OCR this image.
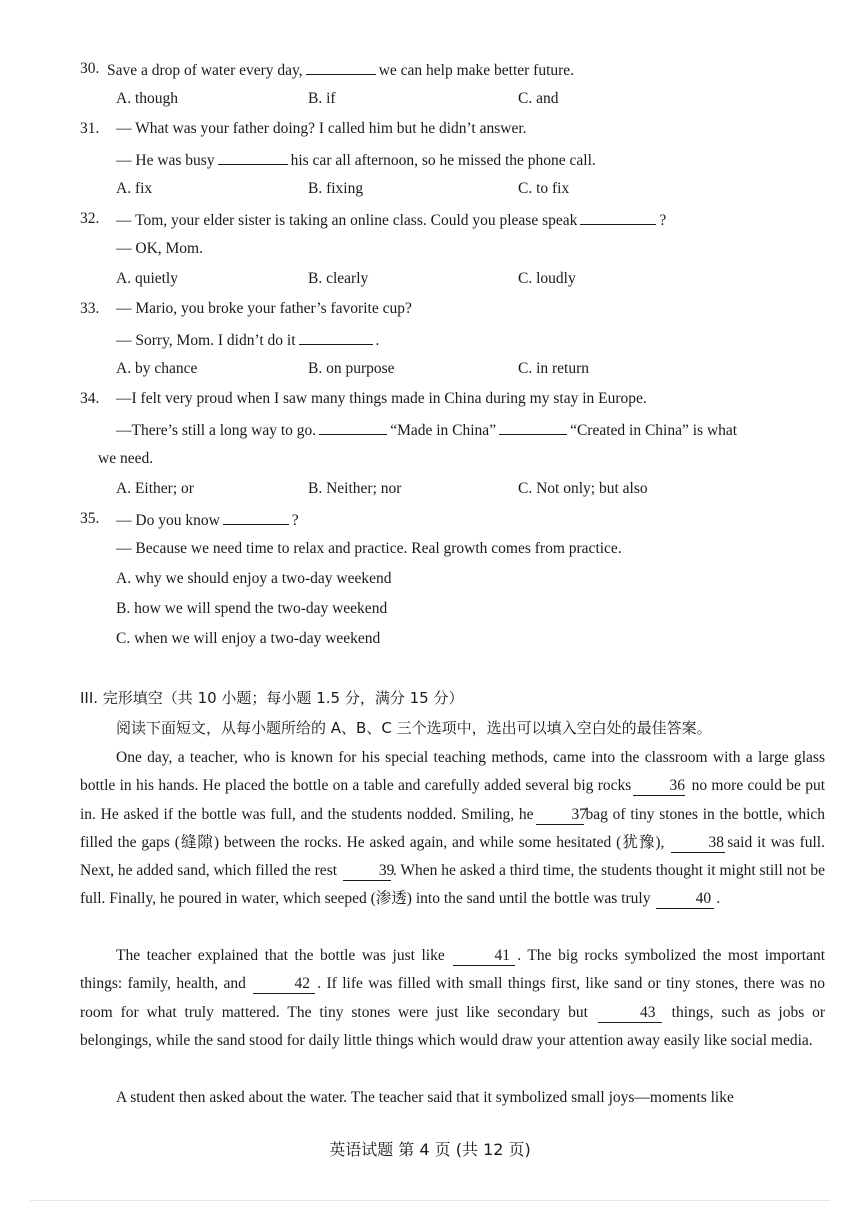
30. Save a drop of water every day,	we can help make better future.
A. though	B. if	C. and
31. — What was your father doing? I called him but he didn’t answer.
— He was busy	his car all afternoon, so he missed the phone call.
A. fix	B. fixing	C. to fix
32. — Tom, your elder sister is taking an online class. Could you please speak	?
— OK, Mom.
A. quietly	B. clearly	C. loudly
33. — Mario, you broke your father’s favorite cup?
— Sorry, Mom. I didn’t do it	.
A. by chance	B. on purpose	C. in return
34. —I felt very proud when I saw many things made in China during my stay in Europe.
—There’s still a long way to go.	“Made in China”	“Created in China” is what
we need.
A. Either; or	B. Neither; nor	C. Not only; but also
35. — Do you know	?
— Because we need time to relax and practice. Real growth comes from practice.
A. why we should enjoy a two-day weekend
B. how we will spend the two-day weekend
C. when we will enjoy a two-day weekend
III. 完形填空（共 10 小题；每小题 1.5 分，满分 15 分）
阅读下面短文，从每小题所给的 A、B、C 三个选项中，选出可以填入空白处的最佳答案。
One day, a teacher, who is known for his special teaching methods, came into the classroom with a large glass bottle in his hands. He placed the bottle on a table and carefully added several big rocks 36 no more could be put in. He asked if the bottle was full, and the students nodded. Smiling, he 37bag of tiny stones in the bottle, which filled the gaps (缝隙) between the rocks. He asked again, and while some hesitated (犹豫),	38 said it was full. Next, he added sand, which filled the rest	39. When he asked a third time, the students thought it might still not be full. Finally, he poured in water, which seeped (渗透) into the sand until the bottle was truly	40 .
The teacher explained that the bottle was just like	41 . The big rocks symbolized the most important things: family, health, and	42 . If life was filled with small things first, like sand or tiny stones, there was no room for what truly mattered. The tiny stones were just like secondary but	43 things, such as jobs or belongings, while the sand stood for daily little things which would draw your attention away easily like social media.
A student then asked about the water. The teacher said that it symbolized small joys—moments like
英语试题 第 4 页 (共 12 页)
